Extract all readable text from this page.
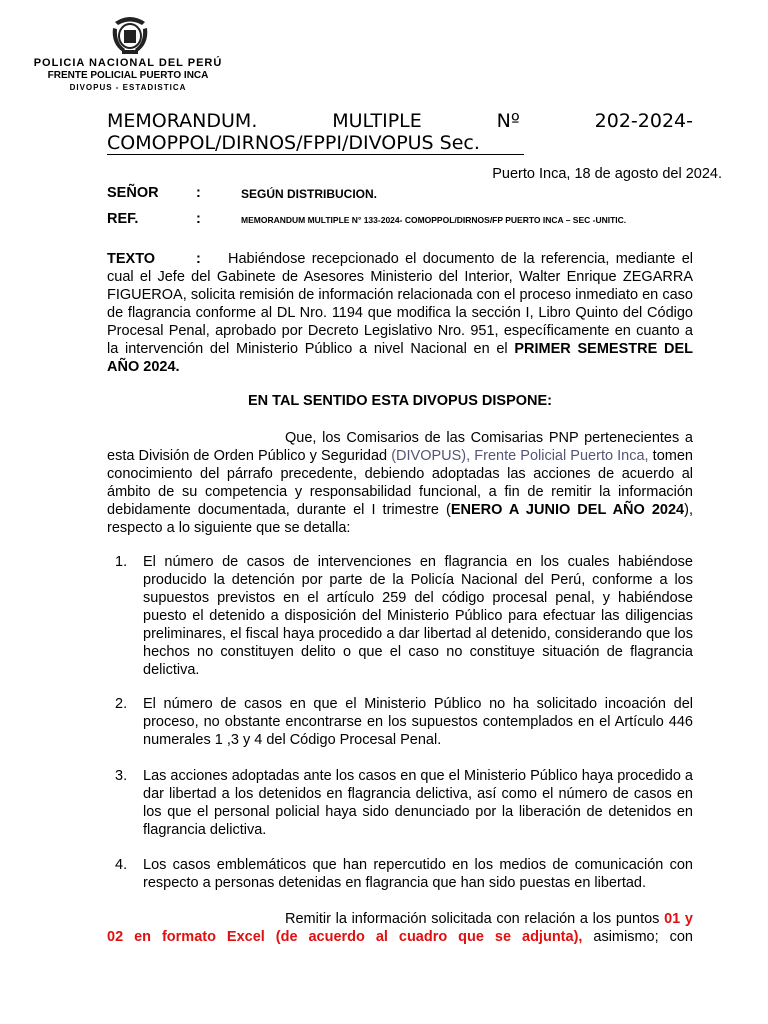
POLICIA NACIONAL DEL PERÚ
FRENTE POLICIAL PUERTO INCA
DIVOPUS - ESTADISTICA
MEMORANDUM.	MULTIPLE	Nº	202-2024-
COMOPPOL/DIRNOS/FPPI/DIVOPUS Sec.
Puerto Inca, 18 de agosto del 2024.
SEÑOR	:	SEGÚN DISTRIBUCION.
REF.	:	MEMORANDUM MULTIPLE N° 133-2024- COMOPPOL/DIRNOS/FP PUERTO INCA – SEC -UNITIC.
TEXTO	: Habiéndose recepcionado el documento de la referencia, mediante el cual el Jefe del Gabinete de Asesores Ministerio del Interior, Walter Enrique ZEGARRA FIGUEROA, solicita remisión de información relacionada con el proceso inmediato en caso de flagrancia conforme al DL Nro. 1194 que modifica la sección I, Libro Quinto del Código Procesal Penal, aprobado por Decreto Legislativo Nro. 951, específicamente en cuanto a la intervención del Ministerio Público a nivel Nacional en el PRIMER SEMESTRE DEL AÑO 2024.
EN TAL SENTIDO ESTA DIVOPUS DISPONE:
Que, los Comisarios de las Comisarias PNP pertenecientes a esta División de Orden Público y Seguridad (DIVOPUS), Frente Policial Puerto Inca, tomen conocimiento del párrafo precedente, debiendo adoptadas las acciones de acuerdo al ámbito de su competencia y responsabilidad funcional, a fin de remitir la información debidamente documentada, durante el I trimestre (ENERO A JUNIO DEL AÑO 2024), respecto a lo siguiente que se detalla:
1. El número de casos de intervenciones en flagrancia en los cuales habiéndose producido la detención por parte de la Policía Nacional del Perú, conforme a los supuestos previstos en el artículo 259 del código procesal penal, y habiéndose puesto el detenido a disposición del Ministerio Público para efectuar las diligencias preliminares, el fiscal haya procedido a dar libertad al detenido, considerando que los hechos no constituyen delito o que el caso no constituye situación de flagrancia delictiva.
2. El número de casos en que el Ministerio Público no ha solicitado incoación del proceso, no obstante encontrarse en los supuestos contemplados en el Artículo 446 numerales 1 ,3 y 4 del Código Procesal Penal.
3. Las acciones adoptadas ante los casos en que el Ministerio Público haya procedido a dar libertad a los detenidos en flagrancia delictiva, así como el número de casos en los que el personal policial haya sido denunciado por la liberación de detenidos en flagrancia delictiva.
4. Los casos emblemáticos que han repercutido en los medios de comunicación con respecto a personas detenidas en flagrancia que han sido puestas en libertad.
Remitir la información solicitada con relación a los puntos 01 y 02 en formato Excel (de acuerdo al cuadro que se adjunta), asimismo; con
